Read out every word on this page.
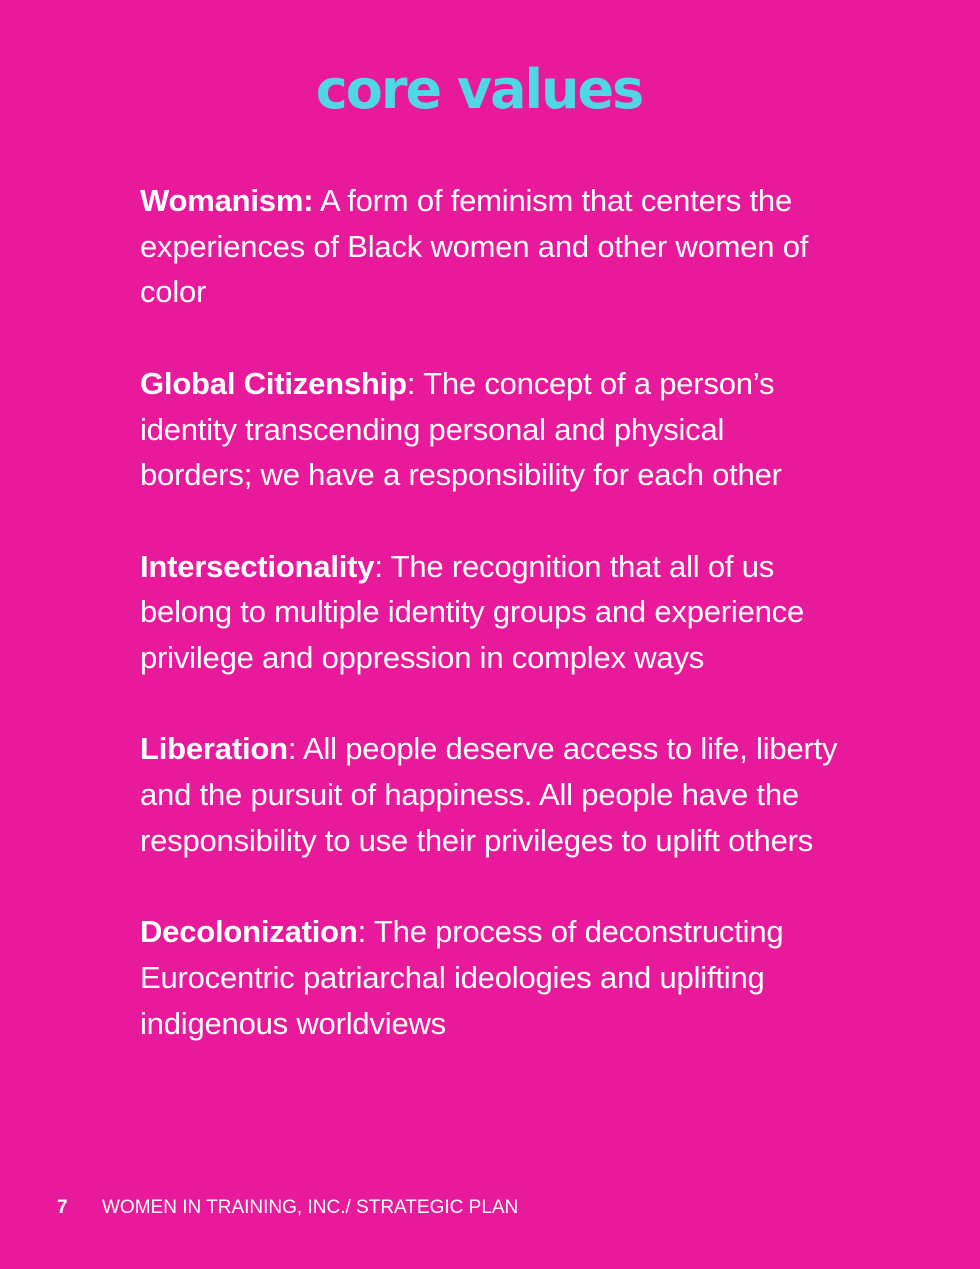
core values
Womanism: A form of feminism that centers the experiences of Black women and other women of color
Global Citizenship: The concept of a person’s identity transcending personal and physical borders; we have a responsibility for each other
Intersectionality: The recognition that all of us belong to multiple identity groups and experience privilege and oppression in complex ways
Liberation: All people deserve access to life, liberty and the pursuit of happiness. All people have the responsibility to use their privileges to uplift others
Decolonization: The process of deconstructing Eurocentric patriarchal ideologies and uplifting indigenous worldviews
7 WOMEN IN TRAINING, INC./ STRATEGIC PLAN
